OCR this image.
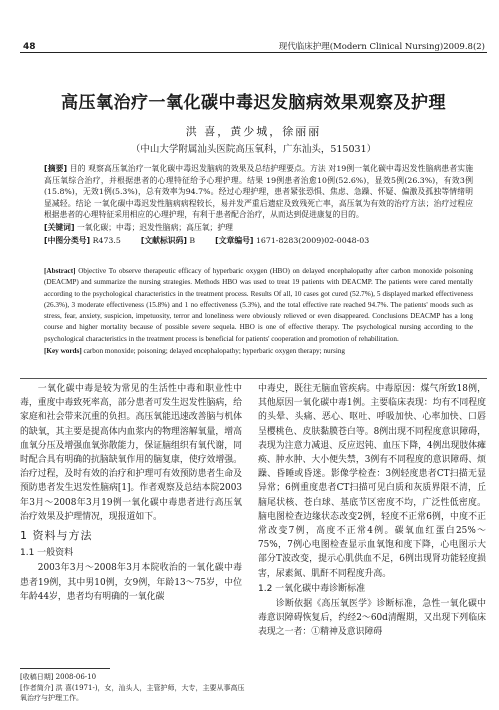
48	现代临床护理(Modern Clinical Nursing)2009.8(2)
高压氧治疗一氧化碳中毒迟发脑病效果观察及护理
洪 喜，黄少城，徐丽丽
（中山大学附属汕头医院高压氧科，广东汕头，515031）
[摘要] 目的 观察高压氧治疗一氧化碳中毒迟发脑病的效果及总结护理要点。方法 对19例一氧化碳中毒迟发性脑病患者实施高压氧综合治疗，并根据患者的心理特征给予心理护理。结果 19例患者治愈10例(52.6%)，显效5例(26.3%)，有效3例(15.8%)，无效1例(5.3%)，总有效率为94.7%。经过心理护理，患者紧张恐惧、焦虑、急躁、怀疑、偏激及孤独等情绪明显减轻。结论 一氧化碳中毒迟发性脑病病程较长，易并发严重后遗症及致残死亡率，高压氧为有效的治疗方法；治疗过程应根据患者的心理特征采用相应的心理护理，有利于患者配合治疗，从而达到促进康复的目的。
[关键词] 一氧化碳；中毒；迟发性脑病；高压氧；护理
[中图分类号] R473.5	[文献标识码] B	[文章编号] 1671-8283(2009)02-0048-03
[Abstract] Objective To observe therapeutic efficacy of hyperbaric oxygen (HBO) on delayed encephalopathy after carbon monoxide poisoning (DEACMP) and summarize the nursing strategies. Methods HBO was used to treat 19 patients with DEACMP. The patients were cared mentally according to the psychological characteristics in the treatment process. Results Of all, 10 cases got cured (52.7%), 5 displayed marked effectiveness (26.3%), 3 moderate effectiveness (15.8%) and 1 no effectiveness (5.3%), and the total effective rate reached 94.7%. The patients' moods such as stress, fear, anxiety, suspicion, impetuosity, terror and loneliness were obviously relieved or even disappeared. Conclusions DEACMP has a long course and higher mortality because of possible severe sequela. HBO is one of effective therapy. The psychological nursing according to the psychological characteristics in the treatment process is beneficial for patients' cooperation and promotion of rehabilitation.
[Key words] carbon monoxide; poisoning; delayed encephalopathy; hyperbaric oxygen therapy; nursing

一氧化碳中毒是较为常见的生活性中毒和职业性中毒，重度中毒致死率高，部分患者可发生迟发性脑病，给家庭和社会带来沉重的负担。高压氧能迅速改善脑与机体的缺氧，其主要是提高体内血浆内的物理溶解氧量，增高血氧分压及增强血氧弥散能力，保证脑组织有氧代谢，同时配合具有明确的抗脑缺氧作用的脑复康，使疗效增强。治疗过程，及时有效的治疗和护理可有效预防患者生命及预防患者发生迟发性脑病[1]。作者观察及总结本院2003年3月～2008年3月19例一氧化碳中毒患者进行高压氧治疗效果及护理情况，现报道如下。

1 资料与方法
1.1 一般资料

2003年3月～2008年3月本院收治的一氧化碳中毒患者19例，其中男10例，女9例，年龄13～75岁，中位年龄44岁，患者均有明确的一氧化碳

中毒史，既往无脑血管疾病。中毒原因：煤气所致18例，其他原因一氧化碳中毒1例。主要临床表现：均有不同程度的头晕、头痛、恶心、呕吐、呼吸加快、心率加快、口唇呈樱桃色、皮肤黏膜苍白等。8例出现不同程度意识障碍，表现为注意力减退、反应迟钝、血压下降，4例出现肢体瘫痪、肿水肿、大小便失禁，3例有不同程度的意识障碍、烦躁、昏睡或昏迷。影像学检查：3例轻度患者CT扫描无显异常；6例重度患者CT扫描可见白质和灰质界限不清，丘脑尾状核、苍白球、基底节区密度不均，广泛性低密度。脑电图检查边缘状态改变2例，轻度不正常6例，中度不正常改变7例，高度不正常4例。碳氧血红蛋白25%～75%，7例心电图检查显示血氧饱和度下降，心电图示大部分T波改变，提示心肌供血不足，6例出现肾功能轻度损害，尿素氮、肌酐不同程度升高。

1.2 一氧化碳中毒诊断标准

诊断依据《高压氧医学》诊断标准，急性一氧化碳中毒意识障碍恢复后，约经2～60d清醒期，又出现下列临床表现之一者：①精神及意识障碍

[收稿日期] 2008-06-10
[作者简介] 洪 喜(1971-)，女，汕头人，主管护师，大专，主要从事高压氧治疗与护理工作。
